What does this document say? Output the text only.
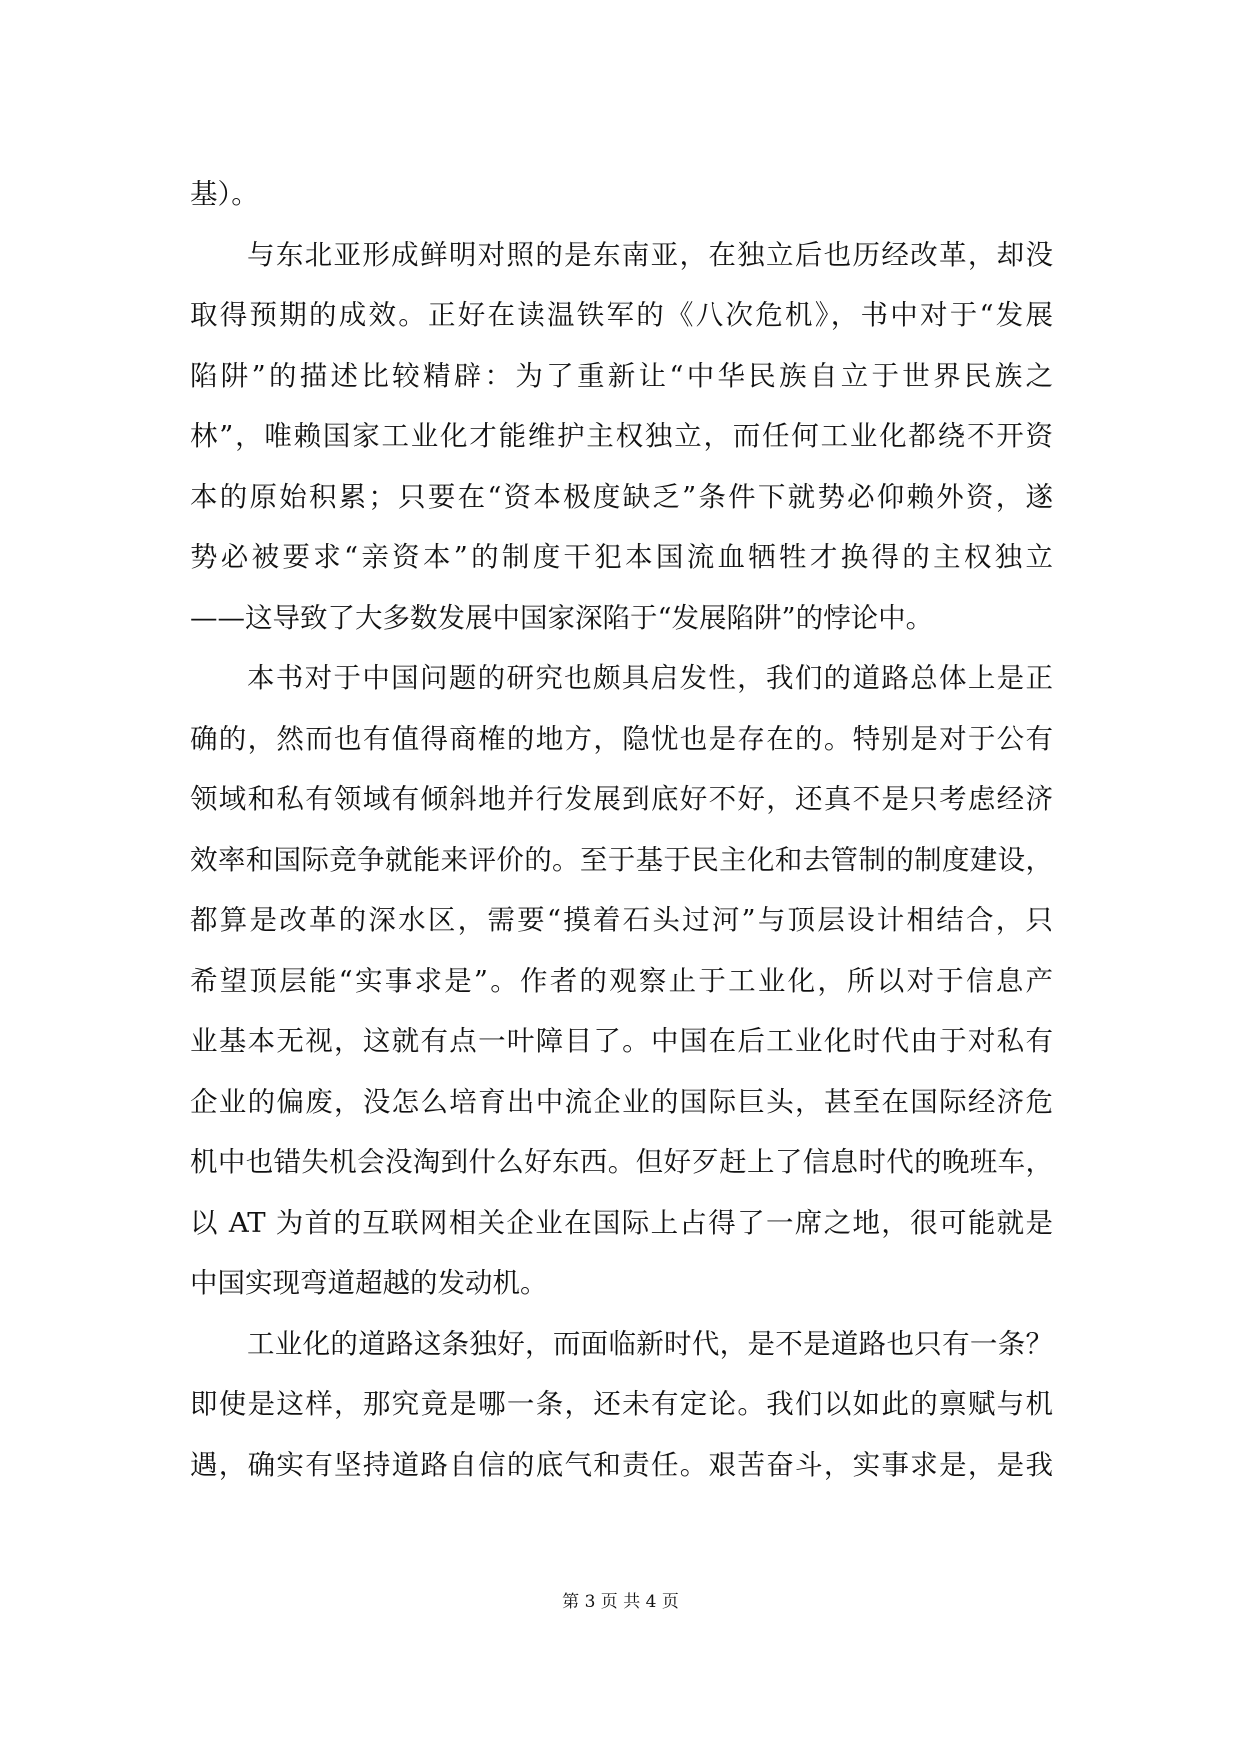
基）。
与东北亚形成鲜明对照的是东南亚，在独立后也历经改革，却没
取得预期的成效。正好在读温铁军的《八次危机》，书中对于“发展
陷阱”的描述比较精辟：为了重新让“中华民族自立于世界民族之
林”，唯赖国家工业化才能维护主权独立，而任何工业化都绕不开资
本的原始积累；只要在“资本极度缺乏”条件下就势必仰赖外资，遂
势必被要求“亲资本”的制度干犯本国流血牺牲才换得的主权独立
——这导致了大多数发展中国家深陷于“发展陷阱”的悖论中。
本书对于中国问题的研究也颇具启发性，我们的道路总体上是正
确的，然而也有值得商榷的地方，隐忧也是存在的。特别是对于公有
领域和私有领域有倾斜地并行发展到底好不好，还真不是只考虑经济
效率和国际竞争就能来评价的。至于基于民主化和去管制的制度建设，
都算是改革的深水区，需要“摸着石头过河”与顶层设计相结合，只
希望顶层能“实事求是”。作者的观察止于工业化，所以对于信息产
业基本无视，这就有点一叶障目了。中国在后工业化时代由于对私有
企业的偏废，没怎么培育出中流企业的国际巨头，甚至在国际经济危
机中也错失机会没淘到什么好东西。但好歹赶上了信息时代的晚班车，
以 AT 为首的互联网相关企业在国际上占得了一席之地，很可能就是
中国实现弯道超越的发动机。
工业化的道路这条独好，而面临新时代，是不是道路也只有一条？
即使是这样，那究竟是哪一条，还未有定论。我们以如此的禀赋与机
遇，确实有坚持道路自信的底气和责任。艰苦奋斗，实事求是，是我
第 3 页 共 4 页
